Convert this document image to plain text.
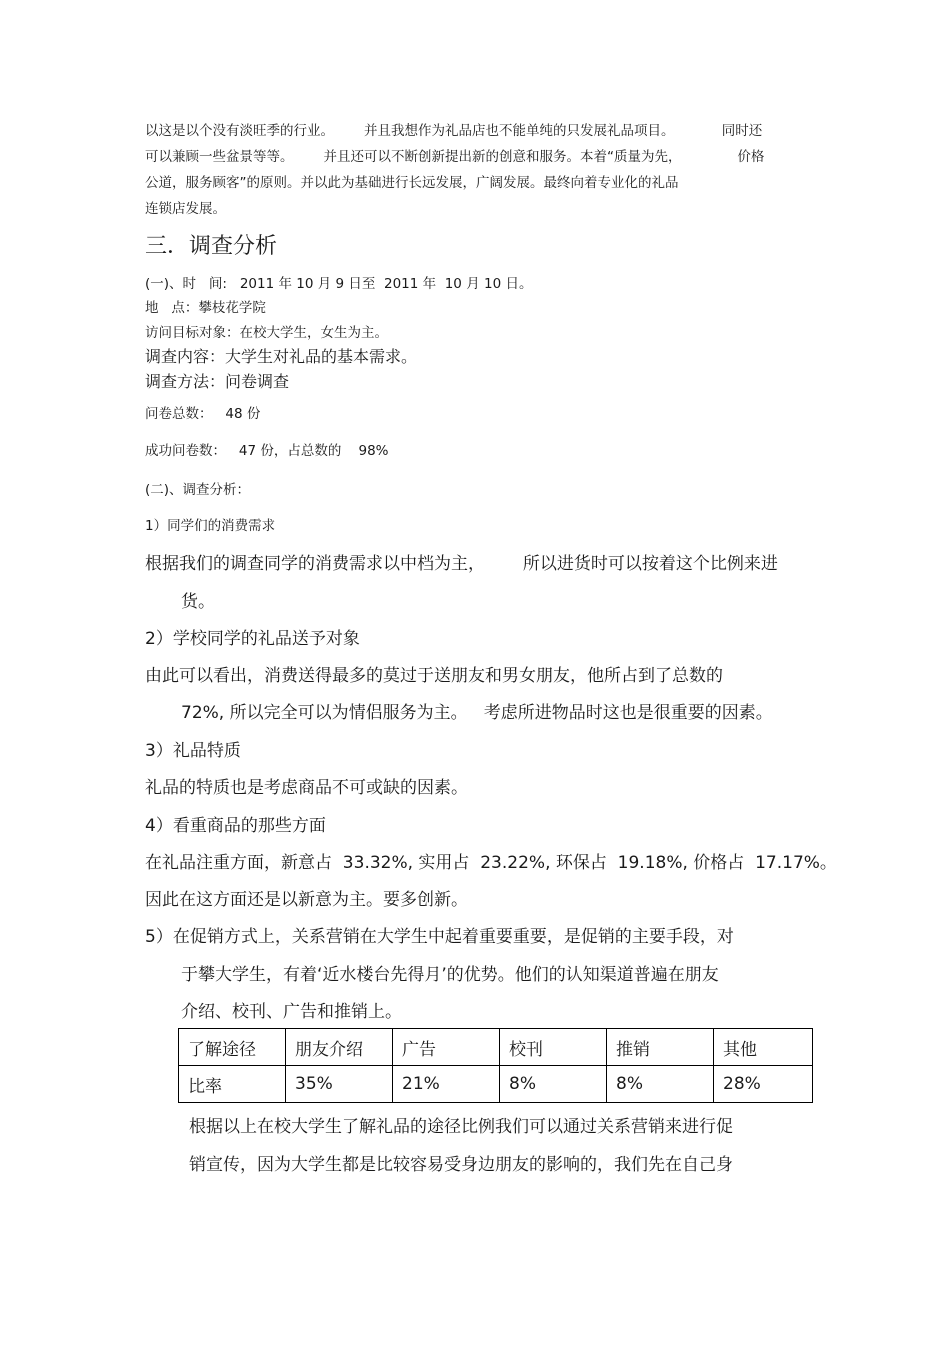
以这是以个没有淡旺季的行业。       并且我想作为礼品店也不能单纯的只发展礼品项目。           同时还

可以兼顾一些盆景等等。       并且还可以不断创新提出新的创意和服务。本着“质量为先，             价格

公道，服务顾客”的原则。并以此为基础进行长远发展，广阔发展。最终向着专业化的礼品

连锁店发展。

三．调查分析

(一)、时   间:   2011 年 10 月 9 日至  2011 年  10 月 10 日。

地   点：攀枝花学院

访问目标对象：在校大学生，女生为主。

调查内容：大学生对礼品的基本需求。

调查方法：问卷调查

问卷总数：   48 份

成功问卷数：   47 份，占总数的    98%

(二)、调查分析：

1）同学们的消费需求

根据我们的调查同学的消费需求以中档为主，       所以进货时可以按着这个比例来进

货。

2）学校同学的礼品送予对象

由此可以看出，消费送得最多的莫过于送朋友和男女朋友，他所占到了总数的

72%, 所以完全可以为情侣服务为主。   考虑所进物品时这也是很重要的因素。

3）礼品特质

礼品的特质也是考虑商品不可或缺的因素。

4）看重商品的那些方面

在礼品注重方面，新意占  33.32%, 实用占  23.22%, 环保占  19.18%, 价格占  17.17%。

因此在这方面还是以新意为主。要多创新。

5）在促销方式上，关系营销在大学生中起着重要重要，是促销的主要手段，对

于攀大学生，有着‘近水楼台先得月’的优势。他们的认知渠道普遍在朋友

介绍、校刊、广告和推销上。

了解途径	朋友介绍	广告	校刊	推销	其他
比率	35%	21%	8%	8%	28%

根据以上在校大学生了解礼品的途径比例我们可以通过关系营销来进行促

销宣传，因为大学生都是比较容易受身边朋友的影响的，我们先在自己身
